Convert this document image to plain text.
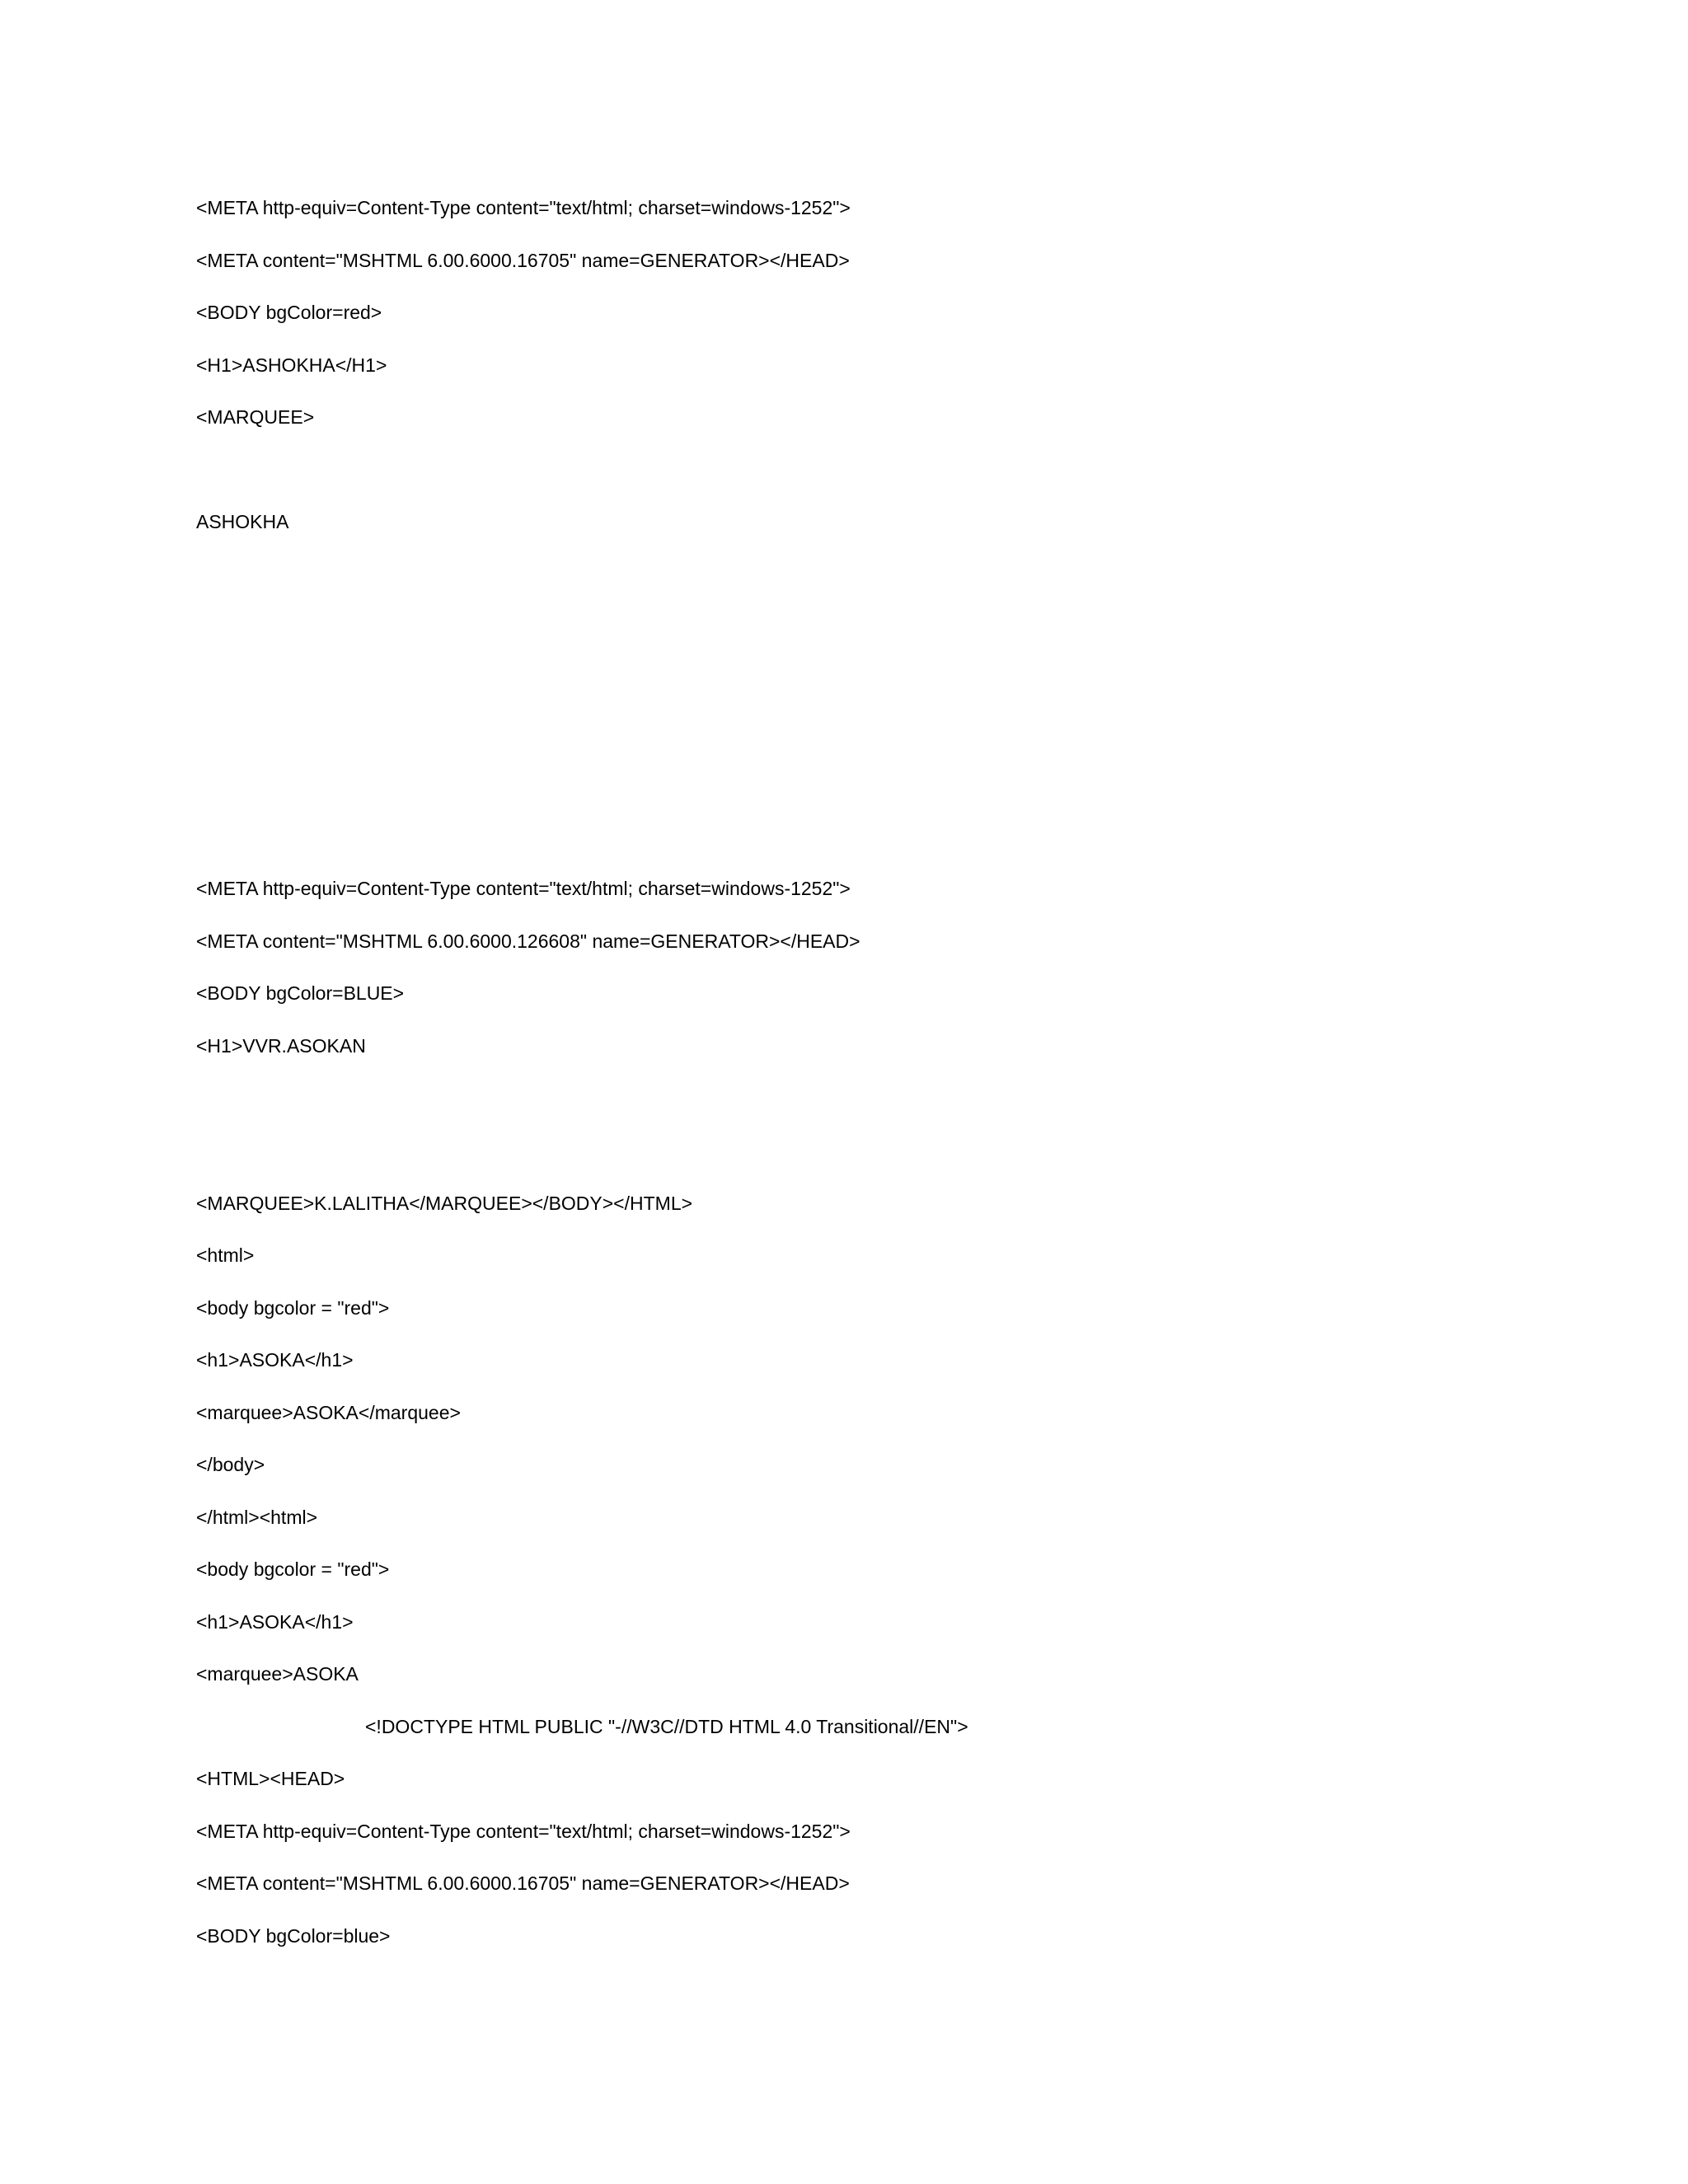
<META http-equiv=Content-Type content="text/html; charset=windows-1252">
<META content="MSHTML 6.00.6000.16705" name=GENERATOR></HEAD>
<BODY bgColor=red>
<H1>ASHOKHA</H1>
<MARQUEE>
ASHOKHA
<META http-equiv=Content-Type content="text/html; charset=windows-1252">
<META content="MSHTML 6.00.6000.126608" name=GENERATOR></HEAD>
<BODY bgColor=BLUE>
<H1>VVR.ASOKAN
<MARQUEE>K.LALITHA</MARQUEE></BODY></HTML>
<html>
<body bgcolor = "red">
<h1>ASOKA</h1>
<marquee>ASOKA</marquee>
</body>
</html><html>
<body bgcolor = "red">
<h1>ASOKA</h1>
<marquee>ASOKA
<!DOCTYPE HTML PUBLIC "-//W3C//DTD HTML 4.0 Transitional//EN">
<HTML><HEAD>
<META http-equiv=Content-Type content="text/html; charset=windows-1252">
<META content="MSHTML 6.00.6000.16705" name=GENERATOR></HEAD>
<BODY bgColor=blue>
